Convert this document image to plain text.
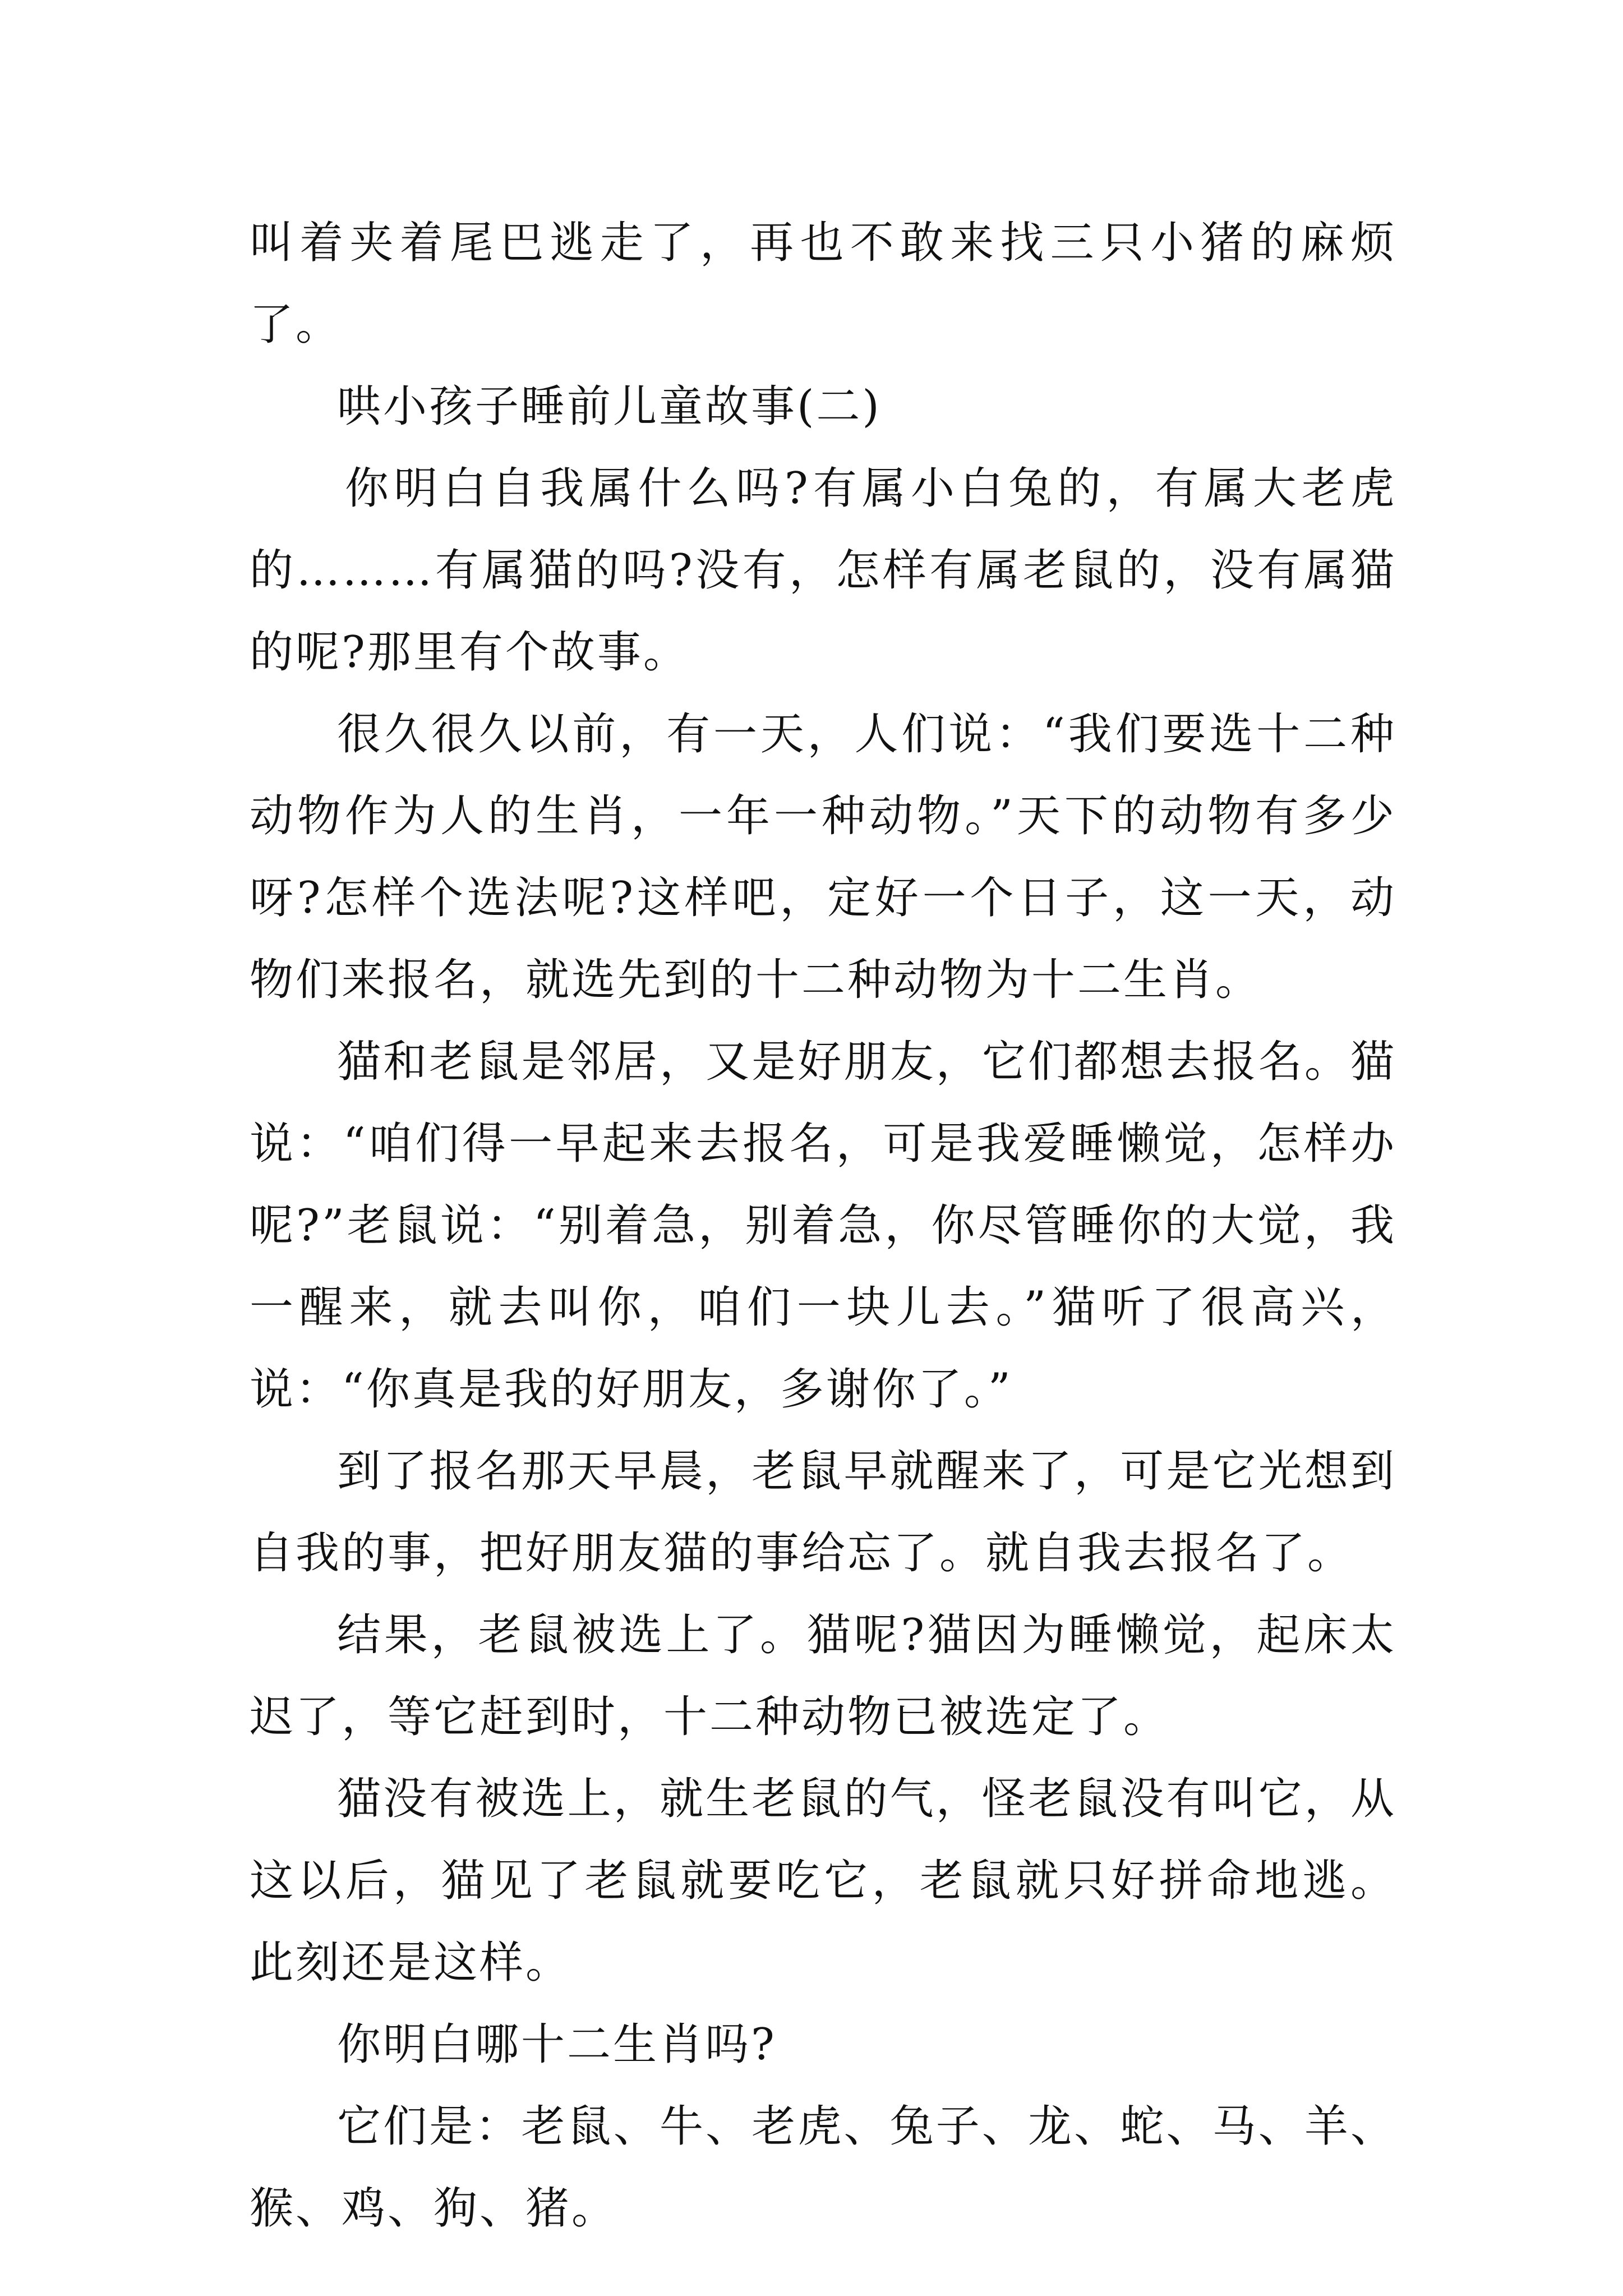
叫着夹着尾巴逃走了，再也不敢来找三只小猪的麻烦了。

哄小孩子睡前儿童故事(二)

你明白自我属什么吗?有属小白兔的，有属大老虎的………有属猫的吗?没有，怎样有属老鼠的，没有属猫的呢?那里有个故事。

很久很久以前，有一天，人们说：“我们要选十二种动物作为人的生肖，一年一种动物。”天下的动物有多少呀?怎样个选法呢?这样吧，定好一个日子，这一天，动物们来报名，就选先到的十二种动物为十二生肖。

猫和老鼠是邻居，又是好朋友，它们都想去报名。猫说：“咱们得一早起来去报名，可是我爱睡懒觉，怎样办呢?”老鼠说：“别着急，别着急，你尽管睡你的大觉，我一醒来，就去叫你，咱们一块儿去。”猫听了很高兴，说：“你真是我的好朋友，多谢你了。”

到了报名那天早晨，老鼠早就醒来了，可是它光想到自我的事，把好朋友猫的事给忘了。就自我去报名了。

结果，老鼠被选上了。猫呢?猫因为睡懒觉，起床太迟了，等它赶到时，十二种动物已被选定了。

猫没有被选上，就生老鼠的气，怪老鼠没有叫它，从这以后，猫见了老鼠就要吃它，老鼠就只好拼命地逃。此刻还是这样。

你明白哪十二生肖吗?

它们是：老鼠、牛、老虎、兔子、龙、蛇、马、羊、猴、鸡、狗、猪。
